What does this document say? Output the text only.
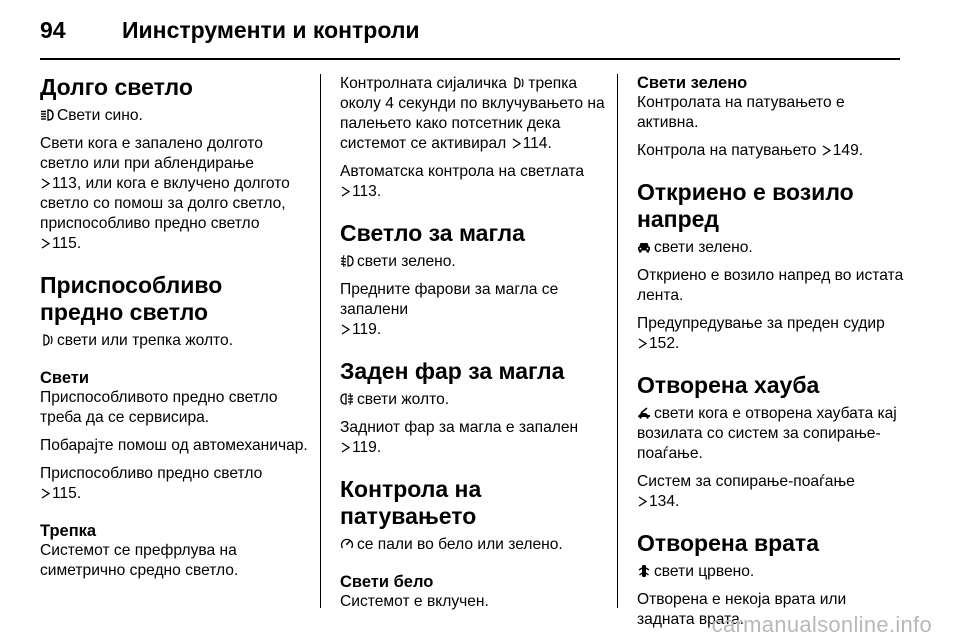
94	Иинструменти и контроли
Долго светло

Свети сино.

Свети кога е запалено долгото светло или при аблендирање

113, или кога е вклучено долгото светло со помош за долго светло, приспособливо предно светло

115.

Приспособливо предно светло

свети или трепка жолто.

Свети

Приспособливото предно светло треба да се сервисира.

Побарајте помош од автомеханичар.

Приспособливо предно светло

115.

Трепка

Системот се префрлува на симетрично средно светло.

Контролната сијаличка трепка околу 4 секунди по вклучувањето на палењето како потсетник дека системот се активирал 114.

Автоматска контрола на светлата

113.

Светло за магла

свети зелено.

Предните фарови за магла се запалени

119.

Заден фар за магла

свети жолто.

Задниот фар за магла е запален

119.

Контрола на патувањето

се пали во бело или зелено.

Свети бело

Системот е вклучен.

Свети зелено

Контролата на патувањето е активна.

Контрола на патувањето 149.

Откриено е возило напред

свети зелено.

Откриено е возило напред во истата лента.

Предупредување за преден судир

152.

Отворена хауба

свети кога е отворена хаубата кај возилата со систем за сопирање-поаѓање.

Систем за сопирање-поаѓање

134.

Отворена врата

свети црвено.

Отворена е некоја врата или задната врата.

carmanualsonline.info
